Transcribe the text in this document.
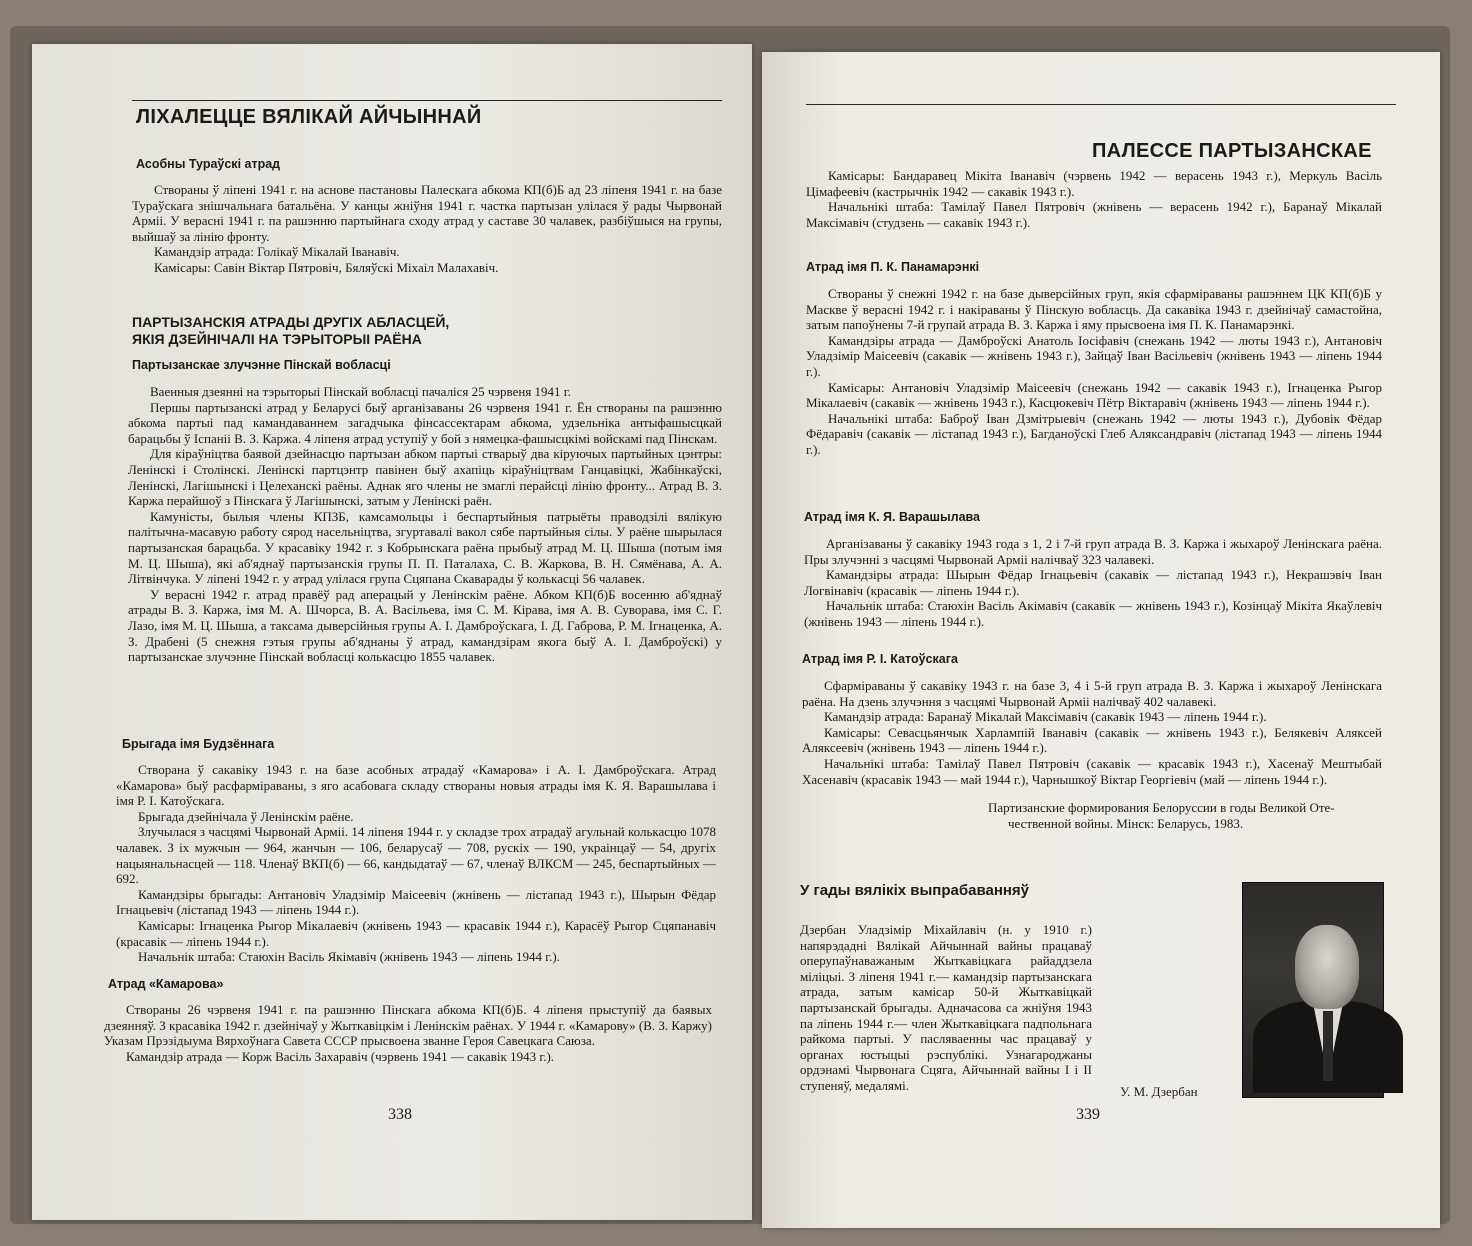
ЛІХАЛЕЦЦЕ ВЯЛІКАЙ АЙЧЫННАЙ
Асобны Тураўскі атрад

Створаны ў ліпені 1941 г. на аснове пастановы Палескага абкома КП(б)Б ад 23 ліпеня 1941 г. на базе Тураўскага знішчальнага батальёна. У канцы жніўня 1941 г. частка партызан улілася ў рады Чырвонай Арміі. У верасні 1941 г. па рашэнню партыйнага сходу атрад у саставе 30 чалавек, разбіўшыся на групы, выйшаў за лінію фронту.

Камандзір атрада: Голікаў Мікалай Іванавіч.

Камісары: Савін Віктар Пятровіч, Бяляўскі Міхаіл Малахавіч.

ПАРТЫЗАНСКІЯ АТРАДЫ ДРУГІХ АБЛАСЦЕЙ,
ЯКІЯ ДЗЕЙНІЧАЛІ НА ТЭРЫТОРЫІ РАЁНА
Партызанскае злучэнне Пінскай вобласці

Ваенныя дзеянні на тэрыторыі Пінскай вобласці пачаліся 25 чэрвеня 1941 г.

Першы партызанскі атрад у Беларусі быў арганізаваны 26 чэрвеня 1941 г. Ён створаны па рашэнню абкома партыі пад камандаваннем загадчыка фінсассектарам абкома, удзельніка антыфашысцкай барацьбы ў Іспаніі В. З. Каржа. 4 ліпеня атрад уступіў у бой з нямецка-фашысцкімі войскамі пад Пінскам.

Для кіраўніцтва баявой дзейнасцю партызан абком партыі стварыў два кіруючых партыйных цэнтры: Ленінскі і Столінскі. Ленінскі партцэнтр павінен быў ахапіць кіраўніцтвам Ганцавіцкі, Жабінкаўскі, Ленінскі, Лагішынскі і Целеханскі раёны. Аднак яго члены не змаглі перайсці лінію фронту... Атрад В. З. Каржа перайшоў з Пінскага ў Лагішынскі, затым у Ленінскі раён.

Камуністы, былыя члены КПЗБ, камсамольцы і беспартыйныя патрыёты праводзілі вялікую палітычна-масавую работу сярод насельніцтва, згуртавалі вакол сябе партыйныя сілы. У раёне шырылася партызанская барацьба. У красавіку 1942 г. з Кобрынскага раёна прыбыў атрад М. Ц. Шыша (потым імя М. Ц. Шыша), які аб'яднаў партызанскія групы П. П. Паталаха, С. В. Жаркова, В. Н. Сямёнава, А. А. Літвінчука. У ліпені 1942 г. у атрад улілася група Сцяпана Скаварады ў колькасці 56 чалавек.

У верасні 1942 г. атрад правёў рад аперацый у Ленінскім раёне. Абком КП(б)Б восенню аб'яднаў атрады В. З. Каржа, імя М. А. Шчорса, В. А. Васільева, імя С. М. Кірава, імя А. В. Суворава, імя С. Г. Лазо, імя М. Ц. Шыша, а таксама дыверсійныя групы А. І. Дамброўскага, І. Д. Габрова, Р. М. Ігнаценка, А. З. Драбені (5 снежня гэтыя групы аб'яднаны ў атрад, камандзірам якога быў А. І. Дамброўскі) у партызанскае злучэнне Пінскай вобласці колькасцю 1855 чалавек.

Брыгада імя Будзённага

Створана ў сакавіку 1943 г. на базе асобных атрадаў «Камарова» і А. І. Дамброўскага. Атрад «Камарова» быў расфарміраваны, з яго асабовага складу створаны новыя атрады імя К. Я. Варашылава і імя Р. І. Катоўскага.

Брыгада дзейнічала ў Ленінскім раёне.

Злучылася з часцямі Чырвонай Арміі. 14 ліпеня 1944 г. у складзе трох атрадаў агульнай колькасцю 1078 чалавек. З іх мужчын — 964, жанчын — 106, беларусаў — 708, рускіх — 190, украінцаў — 54, другіх нацыянальнасцей — 118. Членаў ВКП(б) — 66, кандыдатаў — 67, членаў ВЛКСМ — 245, беспартыйных — 692.

Камандзіры брыгады: Антановіч Уладзімір Маісеевіч (жнівень — лістапад 1943 г.), Шырын Фёдар Ігнацьевіч (лістапад 1943 — ліпень 1944 г.).

Камісары: Ігнаценка Рыгор Мікалаевіч (жнівень 1943 — красавік 1944 г.), Карасёў Рыгор Сцяпанавіч (красавік — ліпень 1944 г.).

Начальнік штаба: Стаюхін Васіль Якімавіч (жнівень 1943 — ліпень 1944 г.).

Атрад «Камарова»

Створаны 26 чэрвеня 1941 г. па рашэнню Пінскага абкома КП(б)Б. 4 ліпеня прыступіў да баявых дзеянняў. З красавіка 1942 г. дзейнічаў у Жыткавіцкім і Ленінскім раёнах. У 1944 г. «Камарову» (В. З. Каржу) Указам Прэзідыума Вярхоўнага Савета СССР прысвоена званне Героя Савецкага Саюза.

Камандзір атрада — Корж Васіль Захаравіч (чэрвень 1941 — сакавік 1943 г.).

338
ПАЛЕССЕ ПАРТЫЗАНСКАЕ

Камісары: Бандаравец Мікіта Іванавіч (чэрвень 1942 — верасень 1943 г.), Меркуль Васіль Цімафеевіч (кастрычнік 1942 — сакавік 1943 г.).

Начальнікі штаба: Тамілаў Павел Пятровіч (жнівень — верасень 1942 г.), Баранаў Мікалай Максімавіч (студзень — сакавік 1943 г.).

Атрад імя П. К. Панамарэнкі

Створаны ў снежні 1942 г. на базе дыверсійных груп, якія сфарміраваны рашэннем ЦК КП(б)Б у Маскве ў верасні 1942 г. і накіраваны ў Пінскую вобласць. Да сакавіка 1943 г. дзейнічаў самастойна, затым папоўнены 7-й групай атрада В. З. Каржа і яму прысвоена імя П. К. Панамарэнкі.

Камандзіры атрада — Дамброўскі Анатоль Іосіфавіч (снежань 1942 — люты 1943 г.), Антановіч Уладзімір Маісеевіч (сакавік — жнівень 1943 г.), Зайцаў Іван Васільевіч (жнівень 1943 — ліпень 1944 г.).

Камісары: Антановіч Уладзімір Маісеевіч (снежань 1942 — сакавік 1943 г.), Ігнаценка Рыгор Мікалаевіч (сакавік — жнівень 1943 г.), Касцюкевіч Пётр Віктаравіч (жнівень 1943 — ліпень 1944 г.).

Начальнікі штаба: Баброў Іван Дзмітрыевіч (снежань 1942 — люты 1943 г.), Дубовік Фёдар Фёдаравіч (сакавік — лістапад 1943 г.), Багданоўскі Глеб Аляксандравіч (лістапад 1943 — ліпень 1944 г.).

Атрад імя К. Я. Варашылава

Арганізаваны ў сакавіку 1943 года з 1, 2 і 7-й груп атрада В. З. Каржа і жыхароў Ленінскага раёна. Пры злучэнні з часцямі Чырвонай Арміі налічваў 323 чалавекі.

Камандзіры атрада: Шырын Фёдар Ігнацьевіч (сакавік — лістапад 1943 г.), Некрашэвіч Іван Логвінавіч (красавік — ліпень 1944 г.).

Начальнік штаба: Стаюхін Васіль Акімавіч (сакавік — жнівень 1943 г.), Козінцаў Мікіта Якаўлевіч (жнівень 1943 — ліпень 1944 г.).

Атрад імя Р. І. Катоўскага

Сфарміраваны ў сакавіку 1943 г. на базе 3, 4 і 5-й груп атрада В. З. Каржа і жыхароў Ленінскага раёна. На дзень злучэння з часцямі Чырвонай Арміі налічваў 402 чалавекі.

Камандзір атрада: Баранаў Мікалай Максімавіч (сакавік 1943 — ліпень 1944 г.).

Камісары: Севасцьянчык Харлампій Іванавіч (сакавік — жнівень 1943 г.), Белякевіч Аляксей Аляксеевіч (жнівень 1943 — ліпень 1944 г.).

Начальнікі штаба: Тамілаў Павел Пятровіч (сакавік — красавік 1943 г.), Хасенаў Мештыбай Хасенавіч (красавік 1943 — май 1944 г.), Чарнышкоў Віктар Георгіевіч (май — ліпень 1944 г.).

Партизанские формирования Белоруссии в годы Великой Оте-
чественной войны. Мінск: Беларусь, 1983.
У гады вялікіх выпрабаванняў
Дзербан Уладзімір Міхайлавіч (н. у 1910 г.) напярэдадні Вялікай Айчыннай вайны працаваў оперупаўнаважаным Жыткавіцкага райаддзела міліцыі. З ліпеня 1941 г.— камандзір партызанскага атрада, затым камісар 50-й Жыткавіцкай партызанскай брыгады. Адначасова са жніўня 1943 па ліпень 1944 г.— член Жыткавіцкага падпольнага райкома партыі. У пасляваенны час працаваў у органах юстыцыі рэспублікі. Узнагароджаны ордэнамі Чырвонага Сцяга, Айчыннай вайны І і ІІ ступеняў, медалямі.	У. М. Дзербан
339
